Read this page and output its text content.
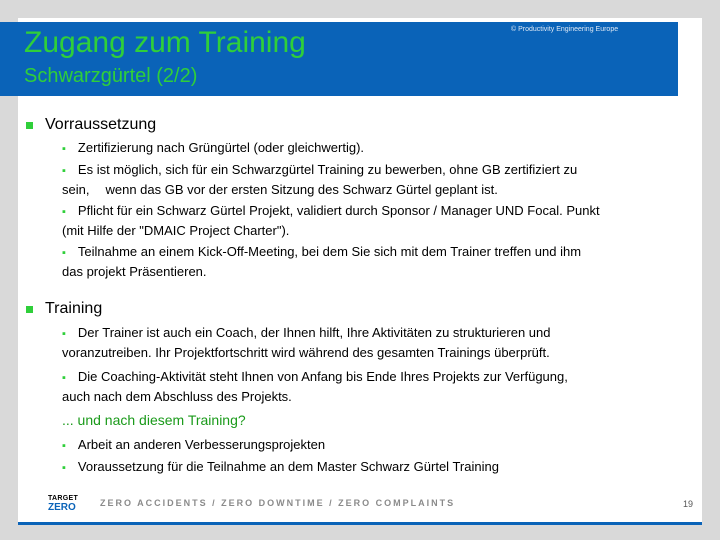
Zugang zum Training
Schwarzgürtel (2/2)
© Productivity Engineering Europe
Vorraussetzung
▪ Zertifizierung nach Grüngürtel (oder gleichwertig).
▪ Es ist möglich, sich für ein Schwarzgürtel Training zu bewerben, ohne GB zertifiziert zu
sein, wenn das GB vor der ersten Sitzung des Schwarz Gürtel geplant ist.
▪ Pflicht für ein Schwarz Gürtel Projekt, validiert durch Sponsor / Manager UND Focal. Punkt
(mit Hilfe der "DMAIC Project Charter").
▪ Teilnahme an einem Kick-Off-Meeting, bei dem Sie sich mit dem Trainer treffen und ihm
das projekt Präsentieren.
Training
▪ Der Trainer ist auch ein Coach, der Ihnen hilft, Ihre Aktivitäten zu strukturieren und
voranzutreiben. Ihr Projektfortschritt wird während des gesamten Trainings überprüft.
▪ Die Coaching-Aktivität steht Ihnen von Anfang bis Ende Ihres Projekts zur Verfügung,
auch nach dem Abschluss des Projekts.
... und nach diesem Training?
▪ Arbeit an anderen Verbesserungsprojekten
▪ Voraussetzung für die Teilnahme an dem Master Schwarz Gürtel Training
TARGET
ZERO	ZERO ACCIDENTS / ZERO DOWNTIME / ZERO COMPLAINTS	19
